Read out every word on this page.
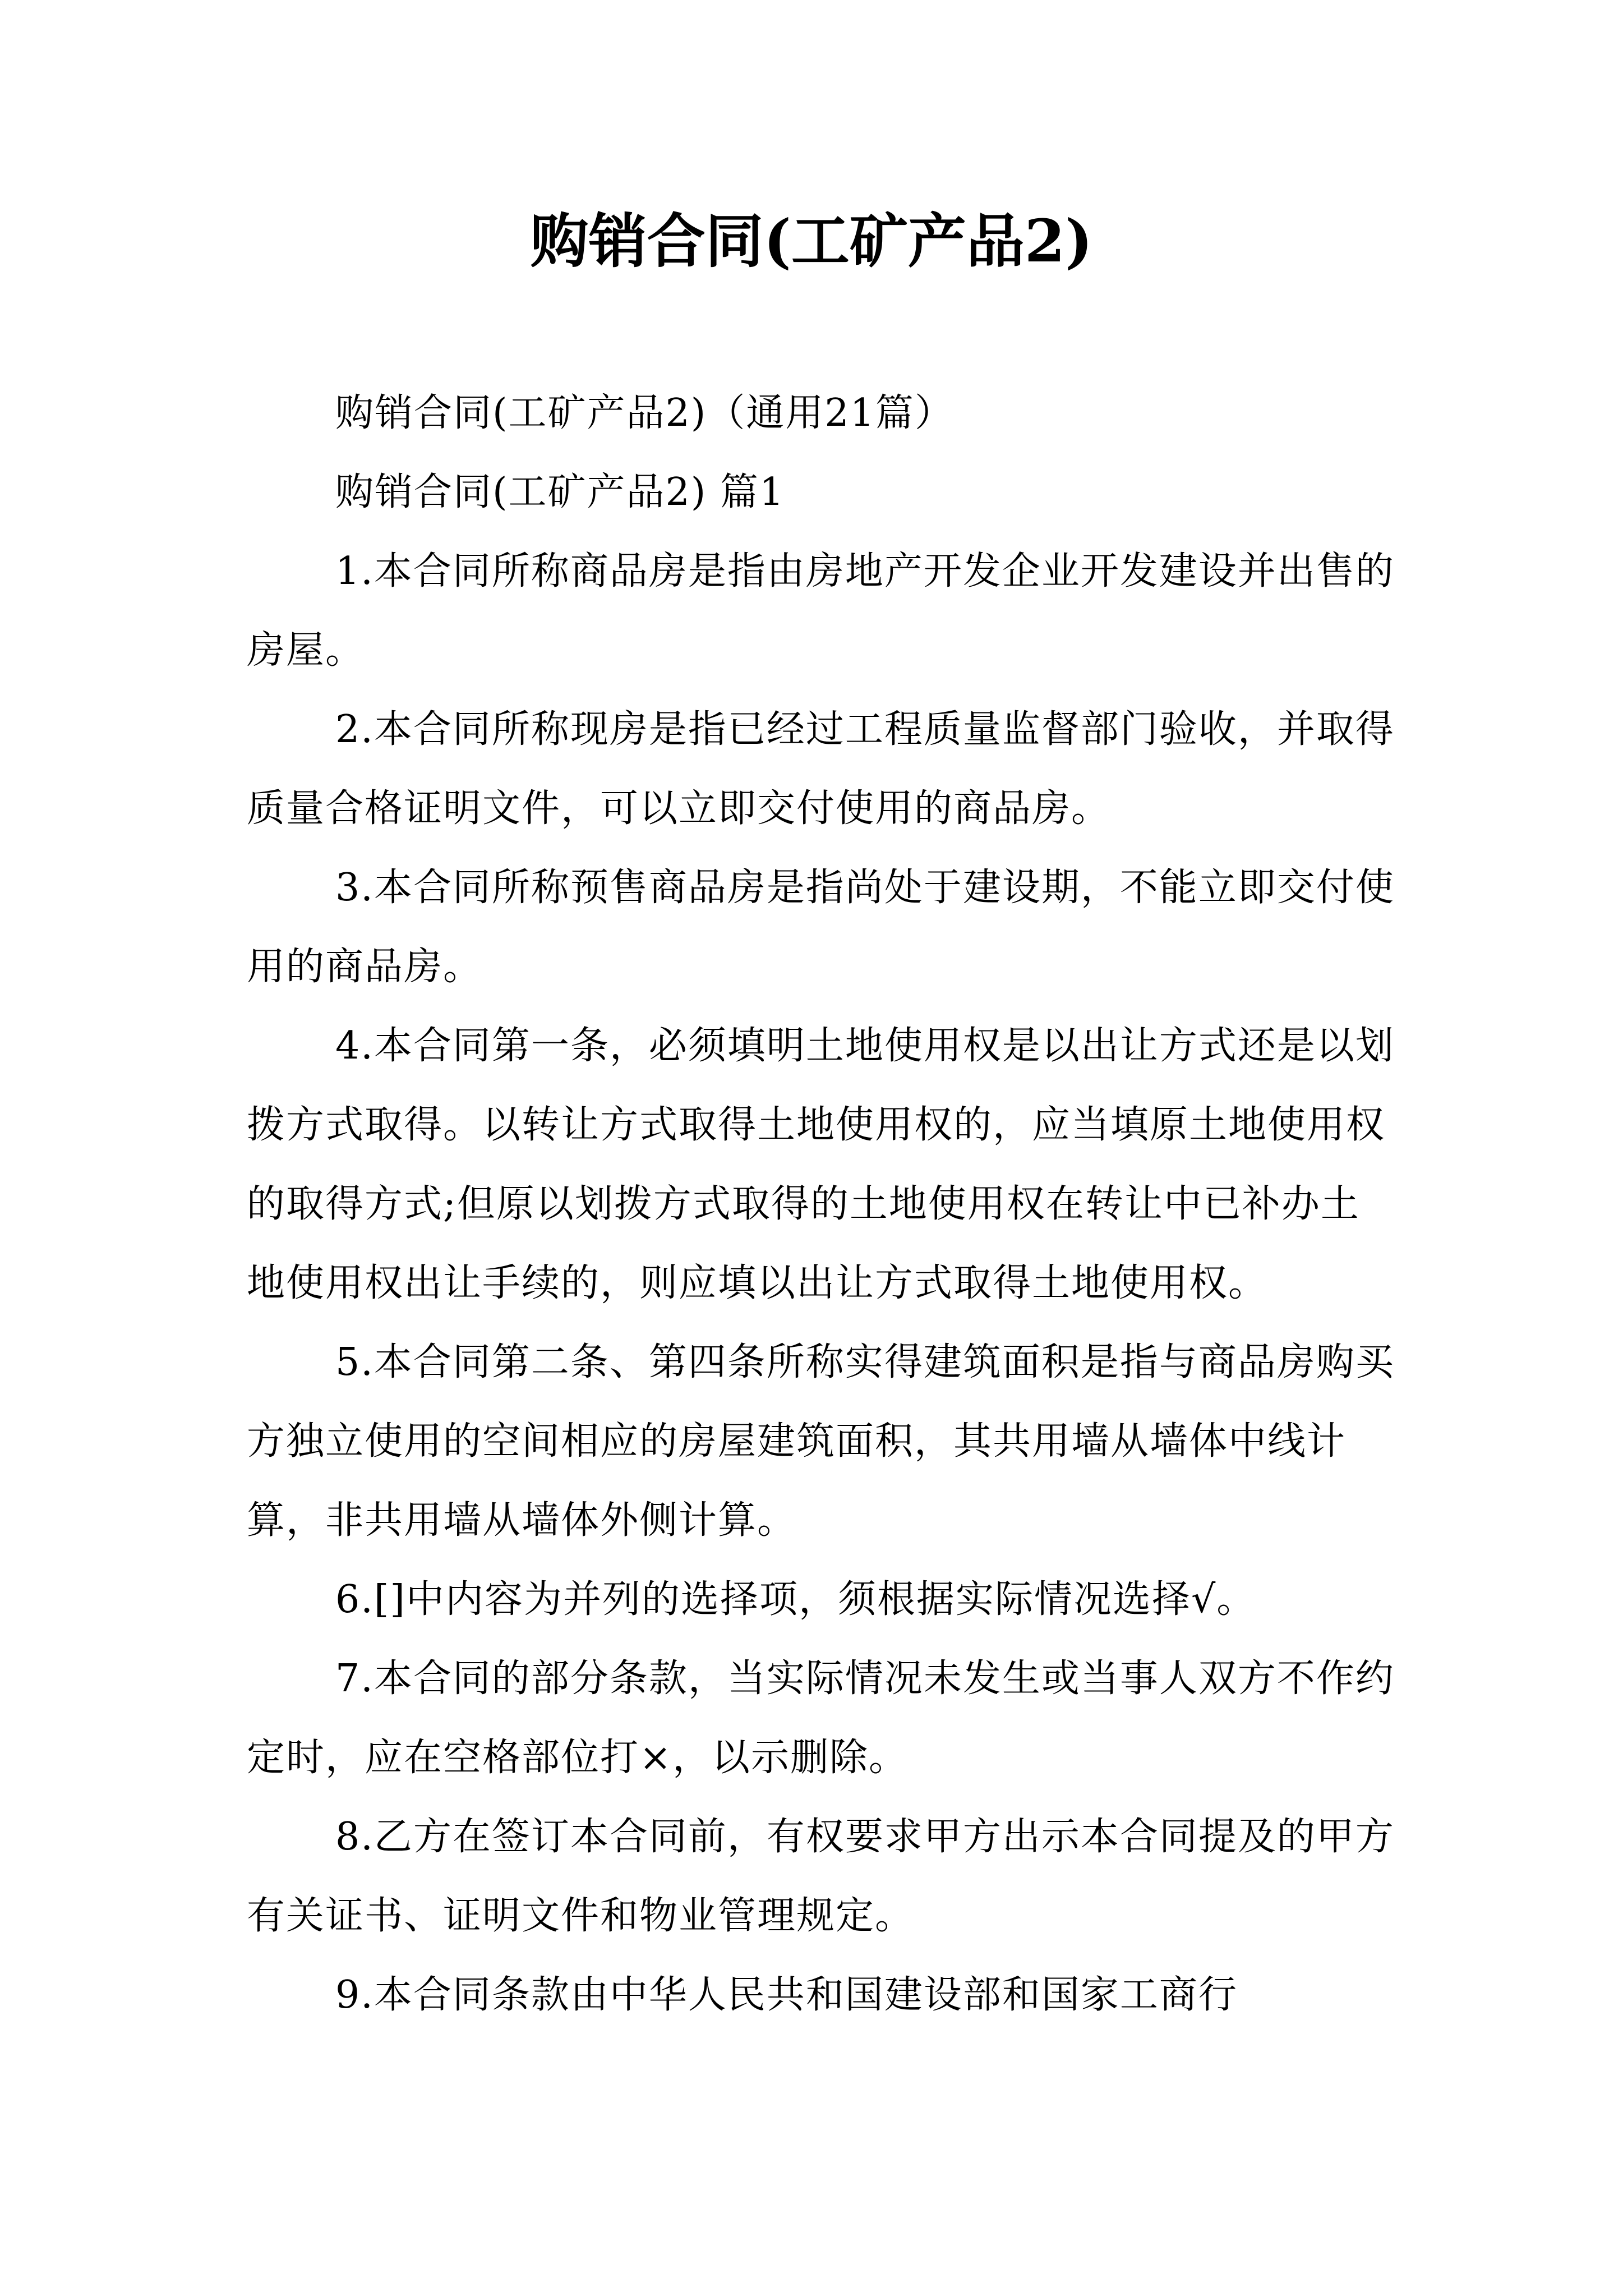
购销合同(工矿产品2)

购销合同(工矿产品2)（通用21篇）

购销合同(工矿产品2) 篇1

1.本合同所称商品房是指由房地产开发企业开发建设并出售的房屋。

2.本合同所称现房是指已经过工程质量监督部门验收，并取得质量合格证明文件，可以立即交付使用的商品房。

3.本合同所称预售商品房是指尚处于建设期，不能立即交付使用的商品房。

4.本合同第一条，必须填明土地使用权是以出让方式还是以划拨方式取得。以转让方式取得土地使用权的，应当填原土地使用权的取得方式;但原以划拨方式取得的土地使用权在转让中已补办土地使用权出让手续的，则应填以出让方式取得土地使用权。

5.本合同第二条、第四条所称实得建筑面积是指与商品房购买方独立使用的空间相应的房屋建筑面积，其共用墙从墙体中线计算，非共用墙从墙体外侧计算。

6.[]中内容为并列的选择项，须根据实际情况选择√。

7.本合同的部分条款，当实际情况未发生或当事人双方不作约定时，应在空格部位打×，以示删除。

8.乙方在签订本合同前，有权要求甲方出示本合同提及的甲方有关证书、证明文件和物业管理规定。

9.本合同条款由中华人民共和国建设部和国家工商行
